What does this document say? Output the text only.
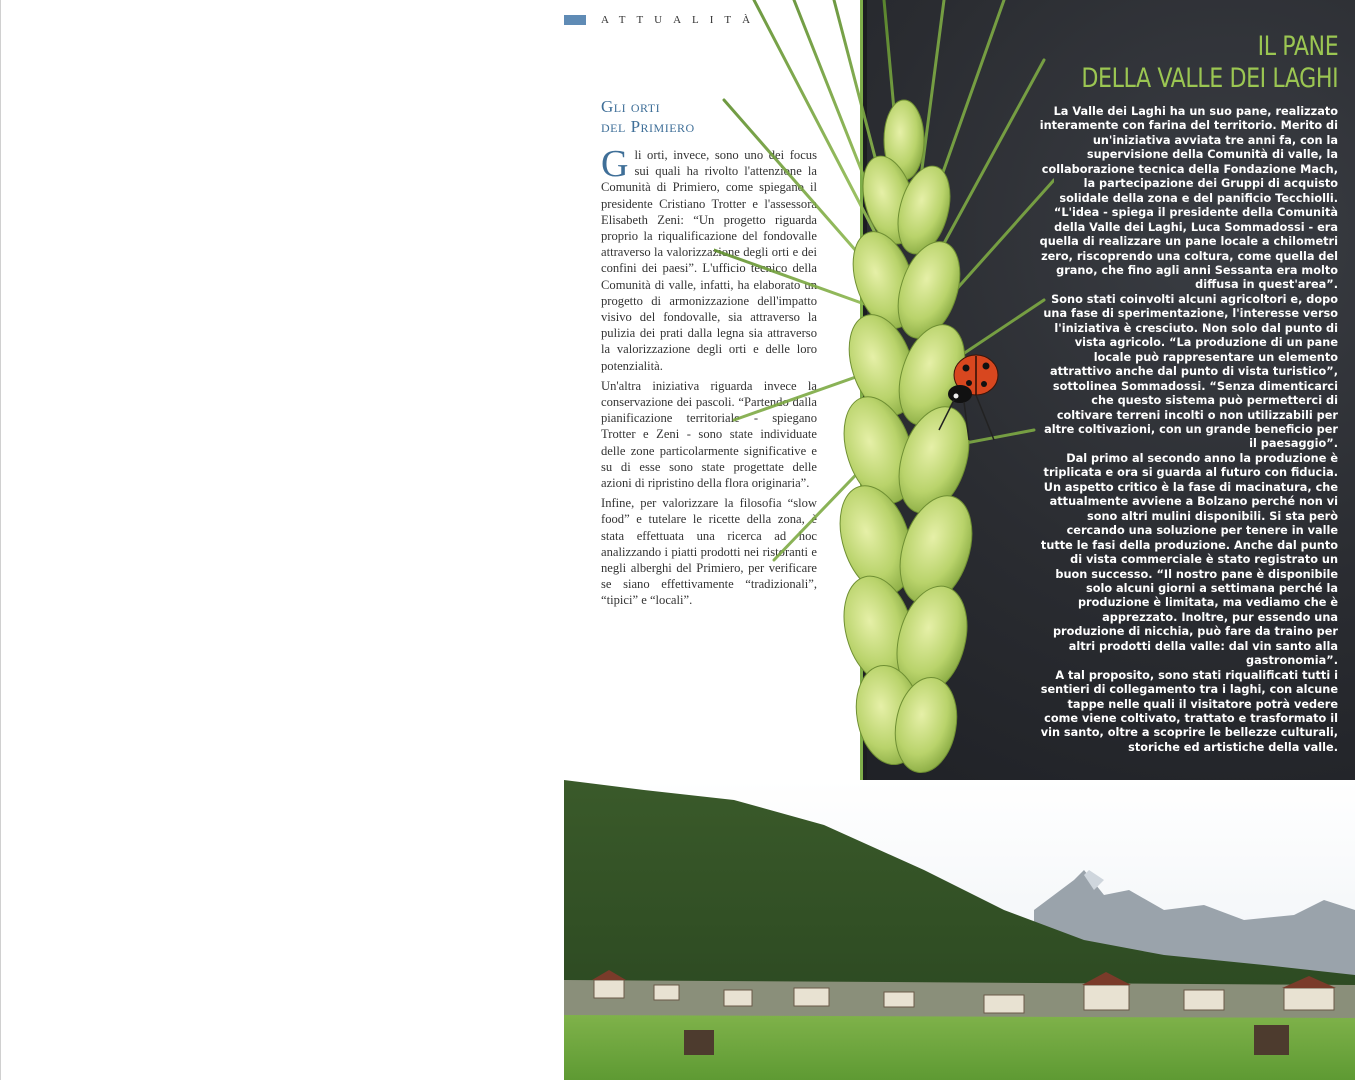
ATTUALITÀ
Gli orti
del Primiero

Gli orti, invece, sono uno dei focus sui quali ha rivolto l'attenzione la Comunità di Primiero, come spiegano il presidente Cristiano Trotter e l'assessora Elisabeth Zeni: “Un progetto riguarda proprio la riqualificazione del fondovalle attraverso la valorizzazione degli orti e dei confini dei paesi”. L'ufficio tecnico della Comunità di valle, infatti, ha elaborato un progetto di armonizzazione dell'impatto visivo del fondovalle, sia attraverso la pulizia dei prati dalla legna sia attraverso la valorizzazione degli orti e delle loro potenzialità.

Un'altra iniziativa riguarda invece la conservazione dei pascoli. “Partendo dalla pianificazione territoriale - spiegano Trotter e Zeni - sono state individuate delle zone particolarmente significative e su di esse sono state progettate delle azioni di ripristino della flora originaria”.

Infine, per valorizzare la filosofia “slow food” e tutelare le ricette della zona, è stata effettuata una ricerca ad hoc analizzando i piatti prodotti nei ristoranti e negli alberghi del Primiero, per verificare se siano effettivamente “tradizionali”, “tipici” e “locali”.

IL PANE
DELLA VALLE DEI LAGHI

La Valle dei Laghi ha un suo pane, realizzato interamente con farina del territorio. Merito di un'iniziativa avviata tre anni fa, con la supervisione della Comunità di valle, la collaborazione tecnica della Fondazione Mach, la partecipazione dei Gruppi di acquisto solidale della zona e del panificio Tecchiolli. “L'idea - spiega il presidente della Comunità della Valle dei Laghi, Luca Sommadossi - era quella di realizzare un pane locale a chilometri zero, riscoprendo una coltura, come quella del grano, che fino agli anni Sessanta era molto diffusa in quest'area”.

Sono stati coinvolti alcuni agricoltori e, dopo una fase di sperimentazione, l'interesse verso l'iniziativa è cresciuto. Non solo dal punto di vista agricolo. “La produzione di un pane locale può rappresentare un elemento attrattivo anche dal punto di vista turistico”, sottolinea Sommadossi. “Senza dimenticarci che questo sistema può permetterci di coltivare terreni incolti o non utilizzabili per altre coltivazioni, con un grande beneficio per il paesaggio”.

Dal primo al secondo anno la produzione è triplicata e ora si guarda al futuro con fiducia. Un aspetto critico è la fase di macinatura, che attualmente avviene a Bolzano perché non vi sono altri mulini disponibili. Si sta però cercando una soluzione per tenere in valle tutte le fasi della produzione. Anche dal punto di vista commerciale è stato registrato un buon successo. “Il nostro pane è disponibile solo alcuni giorni a settimana perché la produzione è limitata, ma vediamo che è apprezzato. Inoltre, pur essendo una produzione di nicchia, può fare da traino per altri prodotti della valle: dal vin santo alla gastronomia”.

A tal proposito, sono stati riqualificati tutti i sentieri di collegamento tra i laghi, con alcune tappe nelle quali il visitatore potrà vedere come viene coltivato, trattato e trasformato il vin santo, oltre a scoprire le bellezze culturali, storiche ed artistiche della valle.
